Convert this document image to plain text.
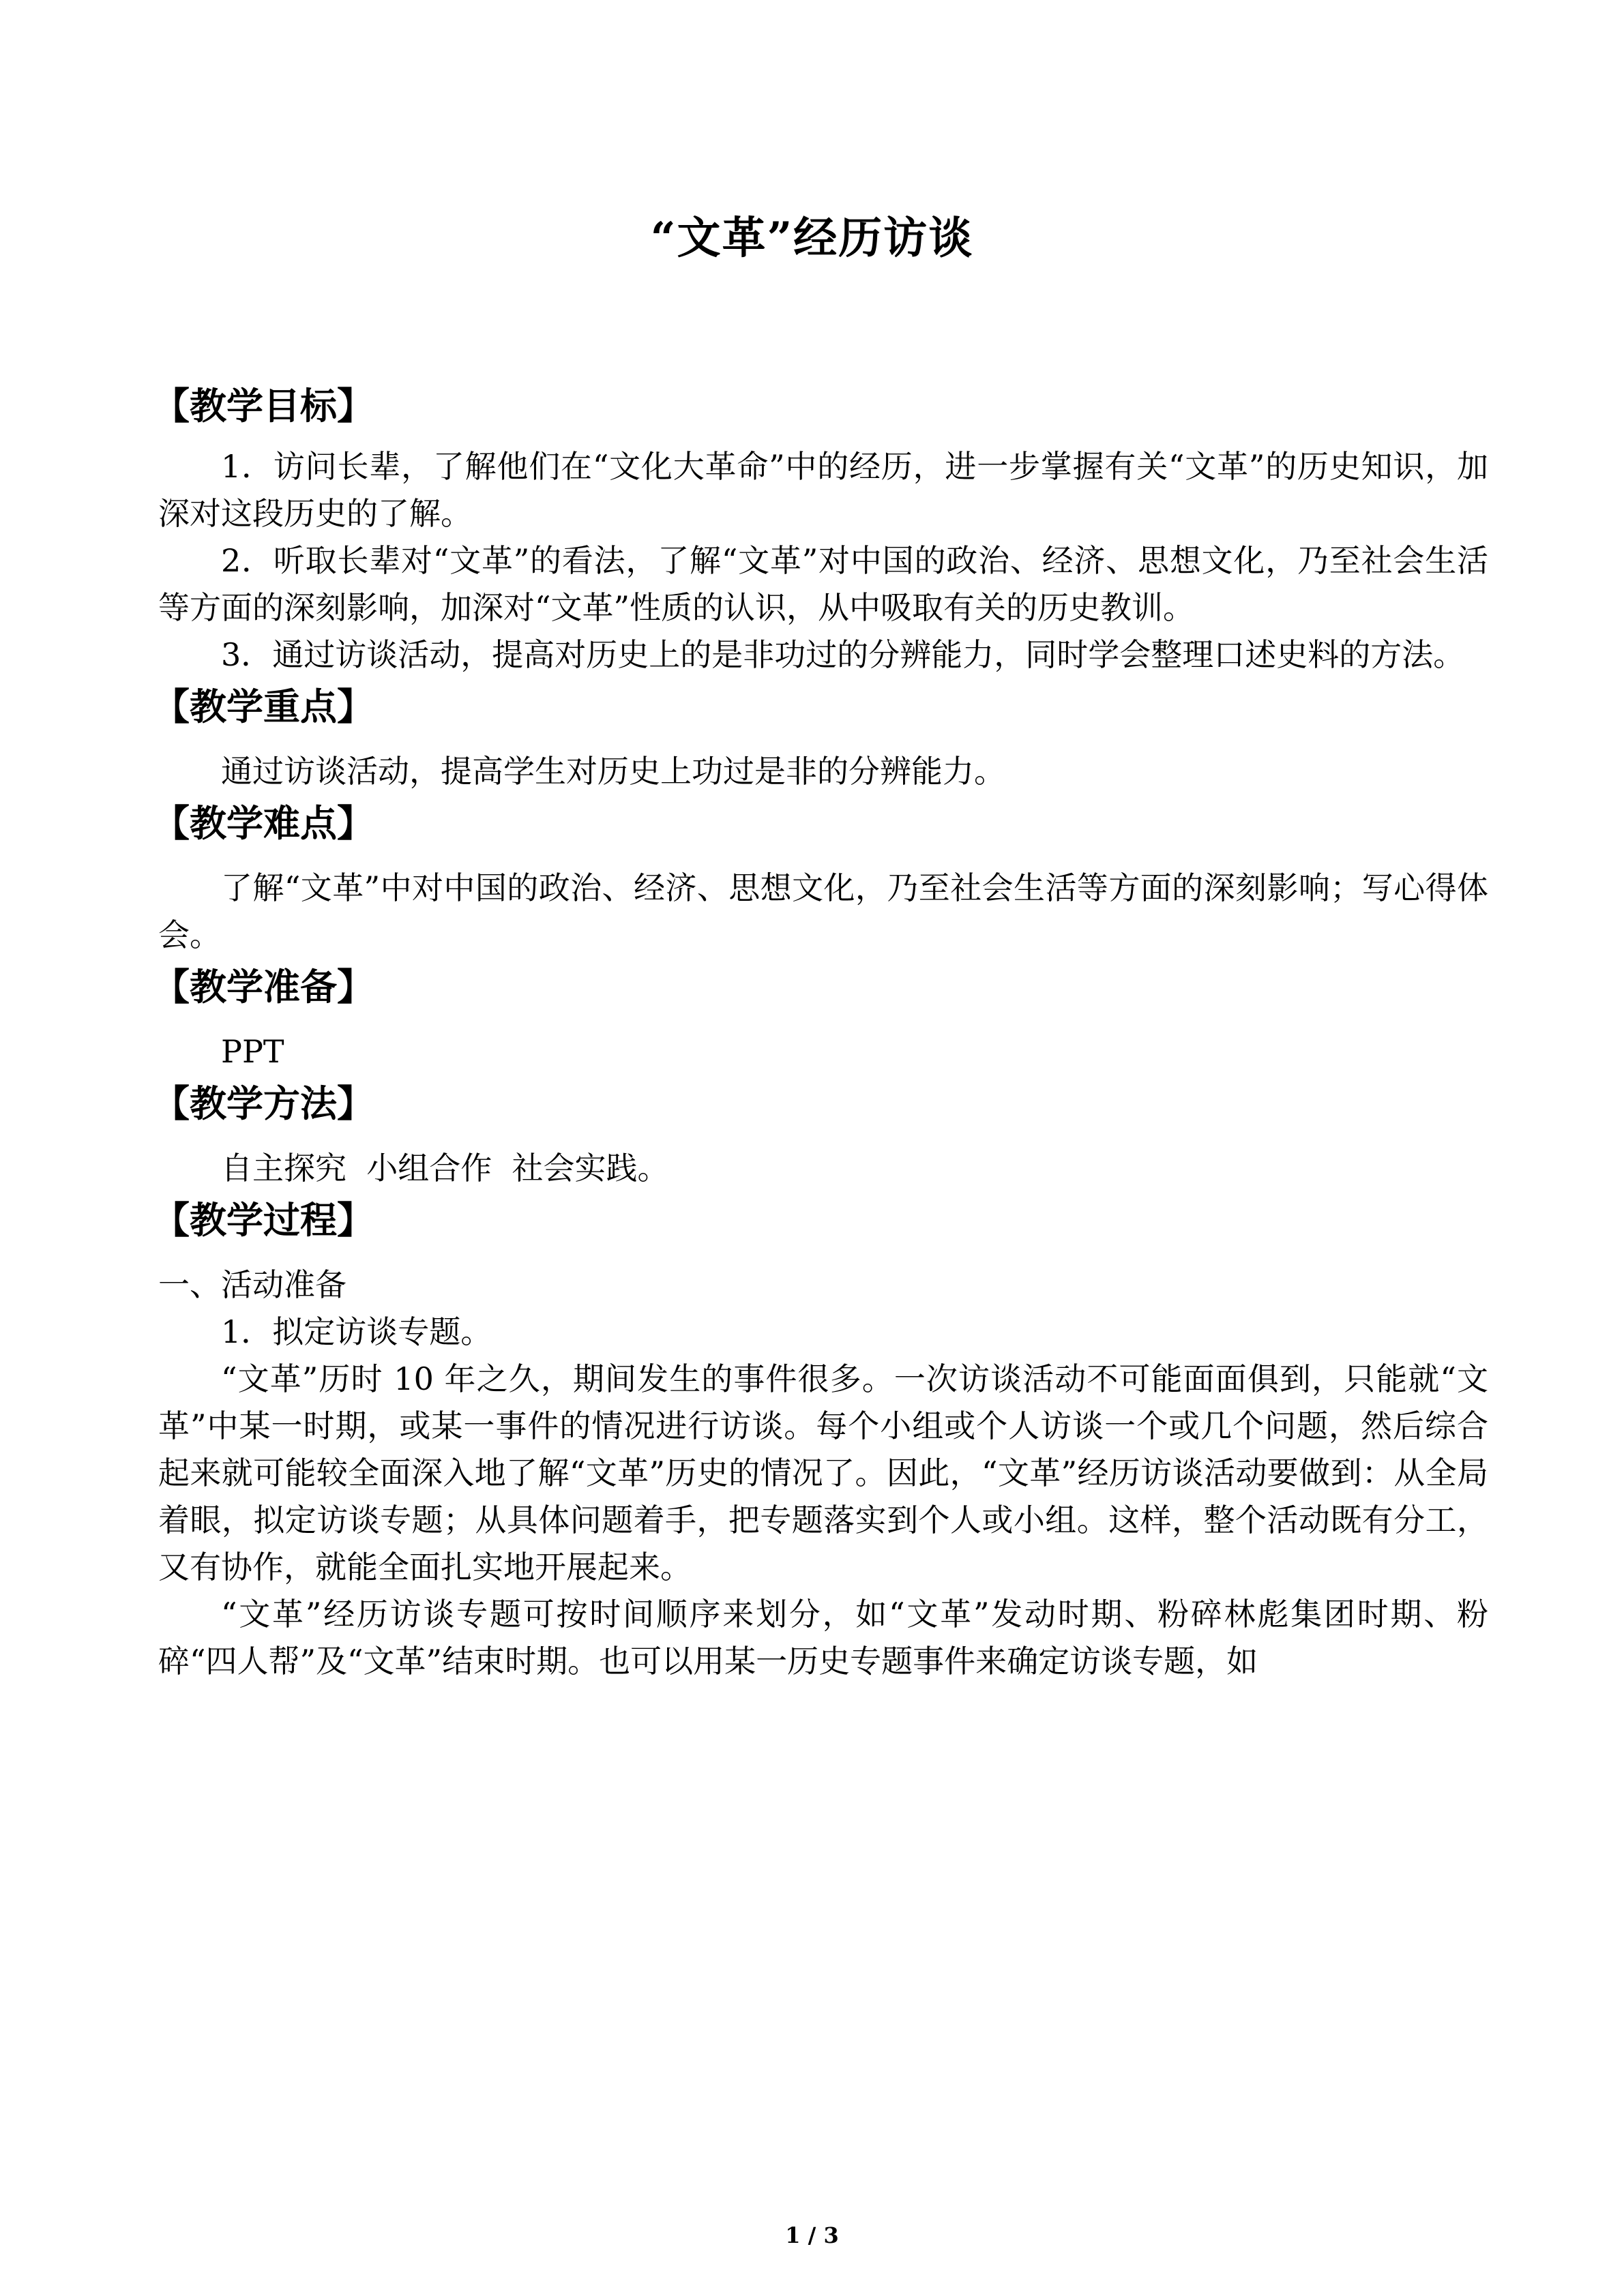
“文革”经历访谈
【教学目标】

1．访问长辈，了解他们在“文化大革命”中的经历，进一步掌握有关“文革”的历史知识，加深对这段历史的了解。

2．听取长辈对“文革”的看法，了解“文革”对中国的政治、经济、思想文化，乃至社会生活等方面的深刻影响，加深对“文革”性质的认识，从中吸取有关的历史教训。

3．通过访谈活动，提高对历史上的是非功过的分辨能力，同时学会整理口述史料的方法。

【教学重点】

通过访谈活动，提高学生对历史上功过是非的分辨能力。

【教学难点】

了解“文革”中对中国的政治、经济、思想文化，乃至社会生活等方面的深刻影响；写心得体会。

【教学准备】

PPT

【教学方法】

自主探究  小组合作  社会实践。

【教学过程】

一、活动准备

1．拟定访谈专题。

“文革”历时 10 年之久，期间发生的事件很多。一次访谈活动不可能面面俱到，只能就“文革”中某一时期，或某一事件的情况进行访谈。每个小组或个人访谈一个或几个问题，然后综合起来就可能较全面深入地了解“文革”历史的情况了。因此，“文革”经历访谈活动要做到：从全局着眼，拟定访谈专题；从具体问题着手，把专题落实到个人或小组。这样，整个活动既有分工，又有协作，就能全面扎实地开展起来。

“文革”经历访谈专题可按时间顺序来划分，如“文革”发动时期、粉碎林彪集团时期、粉碎“四人帮”及“文革”结束时期。也可以用某一历史专题事件来确定访谈专题，如

1 / 3
